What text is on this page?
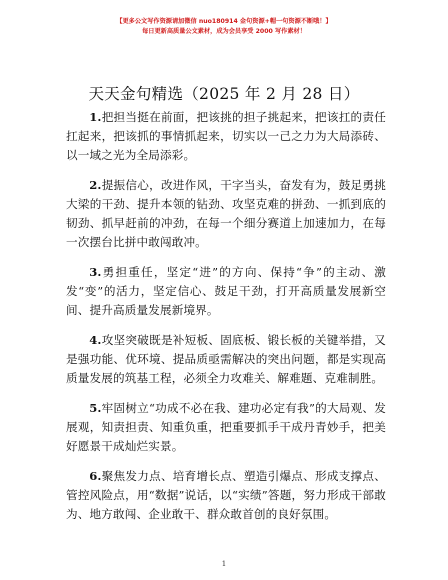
【更多公文写作资源请加微信 nuo180914 金句资源+帽一句资源不断哦！】
每日更新高质量公文素材，成为会员享受 2000 写作素材！
天天金句精选（2025 年 2 月 28 日）

1.把担当挺在前面，把该挑的担子挑起来，把该扛的责任扛起来，把该抓的事情抓起来，切实以一己之力为大局添砖、以一域之光为全局添彩。

2.提振信心，改进作风，干字当头，奋发有为，鼓足勇挑大梁的干劲、提升本领的钻劲、攻坚克难的拼劲、一抓到底的韧劲、抓早赶前的冲劲，在每一个细分赛道上加速加力，在每一次摆台比拼中敢闯敢冲。

3.勇担重任，坚定“进”的方向、保持“争”的主动、激发“变”的活力，坚定信心、鼓足干劲，打开高质量发展新空间、提升高质量发展新境界。

4.攻坚突破既是补短板、固底板、锻长板的关键举措，又是强功能、优环境、提品质亟需解决的突出问题，都是实现高质量发展的筑基工程，必须全力攻难关、解难题、克难制胜。

5.牢固树立“功成不必在我、建功必定有我”的大局观、发展观，知责担责、知重负重，把重要抓手干成丹青妙手，把美好愿景干成灿烂实景。

6.聚焦发力点、培育增长点、塑造引爆点、形成支撑点、管控风险点，用“数据”说话，以“实绩”答题，努力形成干部敢为、地方敢闯、企业敢干、群众敢首创的良好氛围。

1
